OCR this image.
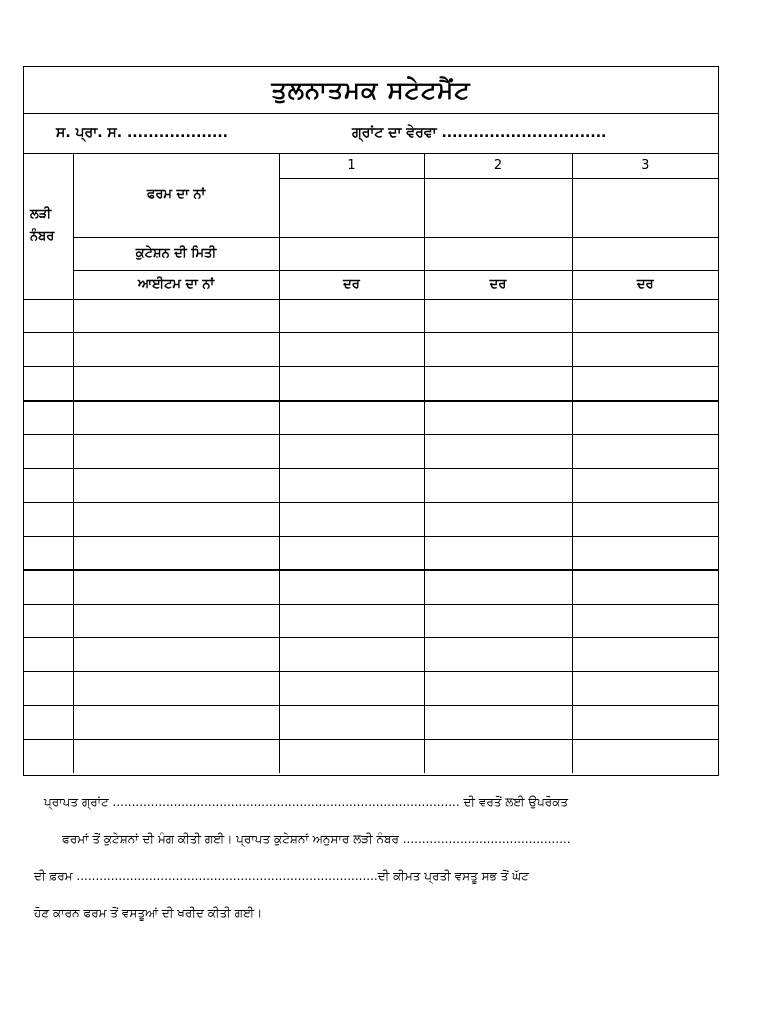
ਤੁਲਨਾਤਮਕ ਸਟੇਟਮੈਂਟ
ਸ. ਪ੍ਰਾ. ਸ. ...................	ਗ੍ਰਾਂਟ ਦਾ ਵੇਰਵਾ ...............................
ਲੜੀ ਨੰਬਰ	ਫਰਮ ਦਾ ਨਾਂ	1	2	3

	ਕੁਟੇਸ਼ਨ ਦੀ ਮਿਤੀ			
	ਆਈਟਮ ਦਾ ਨਾਂ	ਦਰ	ਦਰ	ਦਰ

ਪ੍ਰਾਪਤ ਗ੍ਰਾਂਟ ........................................................................................... ਦੀ ਵਰਤੋਂ ਲਈ ਉਪਰੋਕਤ

ਫਰਮਾਂ ਤੋਂ ਕੁਟੇਸ਼ਨਾਂ ਦੀ ਮੰਗ ਕੀਤੀ ਗਈ। ਪ੍ਰਾਪਤ ਕੁਟੇਸ਼ਨਾਂ ਅਨੁਸਾਰ ਲੜੀ ਨੰਬਰ ............................................

ਦੀ ਫ਼ਰਮ ...............................................................................ਦੀ ਕੀਮਤ ਪ੍ਰਤੀ ਵਸਤੂ ਸਭ ਤੋਂ ਘੱਟ

ਹੋਣ ਕਾਰਨ ਫਰਮ ਤੋਂ ਵਸਤੂਆਂ ਦੀ ਖਰੀਦ ਕੀਤੀ ਗਈ।
